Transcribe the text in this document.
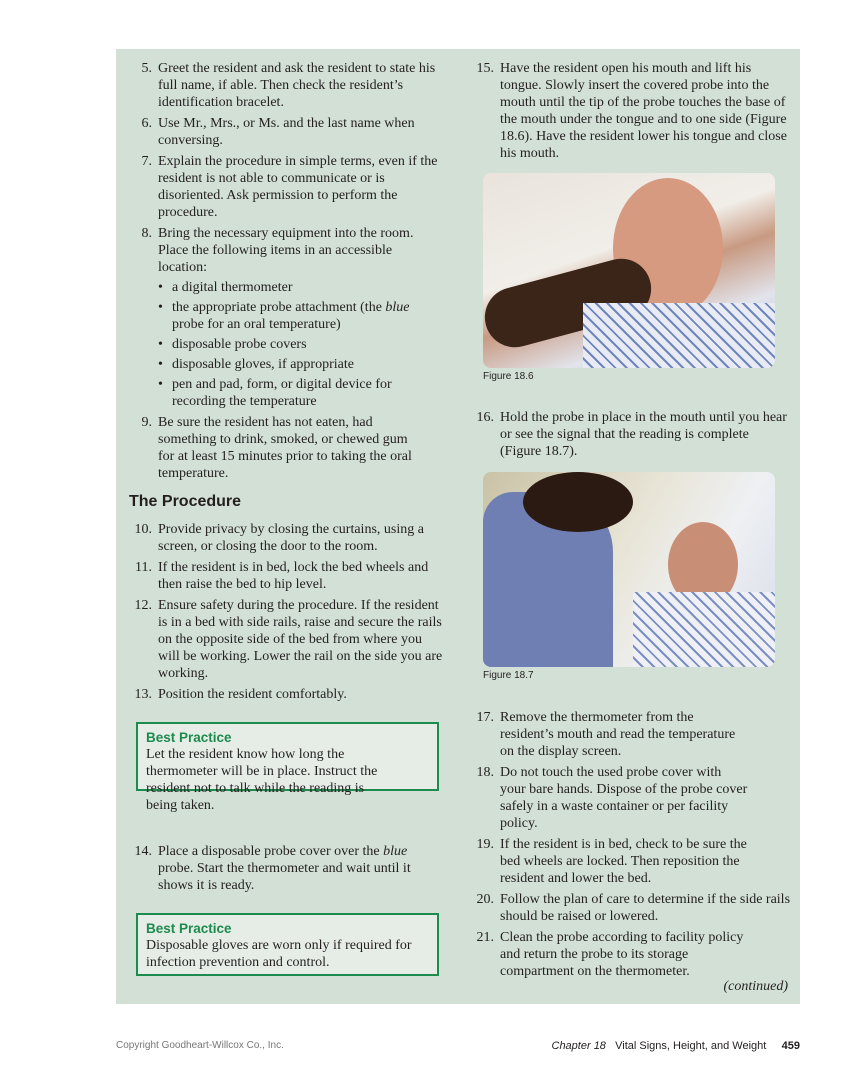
5. Greet the resident and ask the resident to state his full name, if able. Then check the resident’s identification bracelet.
6. Use Mr., Mrs., or Ms. and the last name when conversing.
7. Explain the procedure in simple terms, even if the resident is not able to communicate or is disoriented. Ask permission to perform the procedure.
8. Bring the necessary equipment into the room. Place the following items in an accessible location:
• a digital thermometer
• the appropriate probe attachment (the blue probe for an oral temperature)
• disposable probe covers
• disposable gloves, if appropriate
• pen and pad, form, or digital device for recording the temperature
9. Be sure the resident has not eaten, had something to drink, smoked, or chewed gum for at least 15 minutes prior to taking the oral temperature.
The Procedure
10. Provide privacy by closing the curtains, using a screen, or closing the door to the room.
11. If the resident is in bed, lock the bed wheels and then raise the bed to hip level.
12. Ensure safety during the procedure. If the resident is in a bed with side rails, raise and secure the rails on the opposite side of the bed from where you will be working. Lower the rail on the side you are working.
13. Position the resident comfortably.
Best Practice
Let the resident know how long the thermometer will be in place. Instruct the resident not to talk while the reading is being taken.
14. Place a disposable probe cover over the blue probe. Start the thermometer and wait until it shows it is ready.
Best Practice
Disposable gloves are worn only if required for infection prevention and control.
15. Have the resident open his mouth and lift his tongue. Slowly insert the covered probe into the mouth until the tip of the probe touches the base of the mouth under the tongue and to one side (Figure 18.6). Have the resident lower his tongue and close his mouth.
Figure 18.6
16. Hold the probe in place in the mouth until you hear or see the signal that the reading is complete (Figure 18.7).
Figure 18.7
17. Remove the thermometer from the resident’s mouth and read the temperature on the display screen.
18. Do not touch the used probe cover with your bare hands. Dispose of the probe cover safely in a waste container or per facility policy.
19. If the resident is in bed, check to be sure the bed wheels are locked. Then reposition the resident and lower the bed.
20. Follow the plan of care to determine if the side rails should be raised or lowered.
21. Clean the probe according to facility policy and return the probe to its storage compartment on the thermometer.
(continued)
Copyright Goodheart-Willcox Co., Inc.	Chapter 18 Vital Signs, Height, and Weight 459
